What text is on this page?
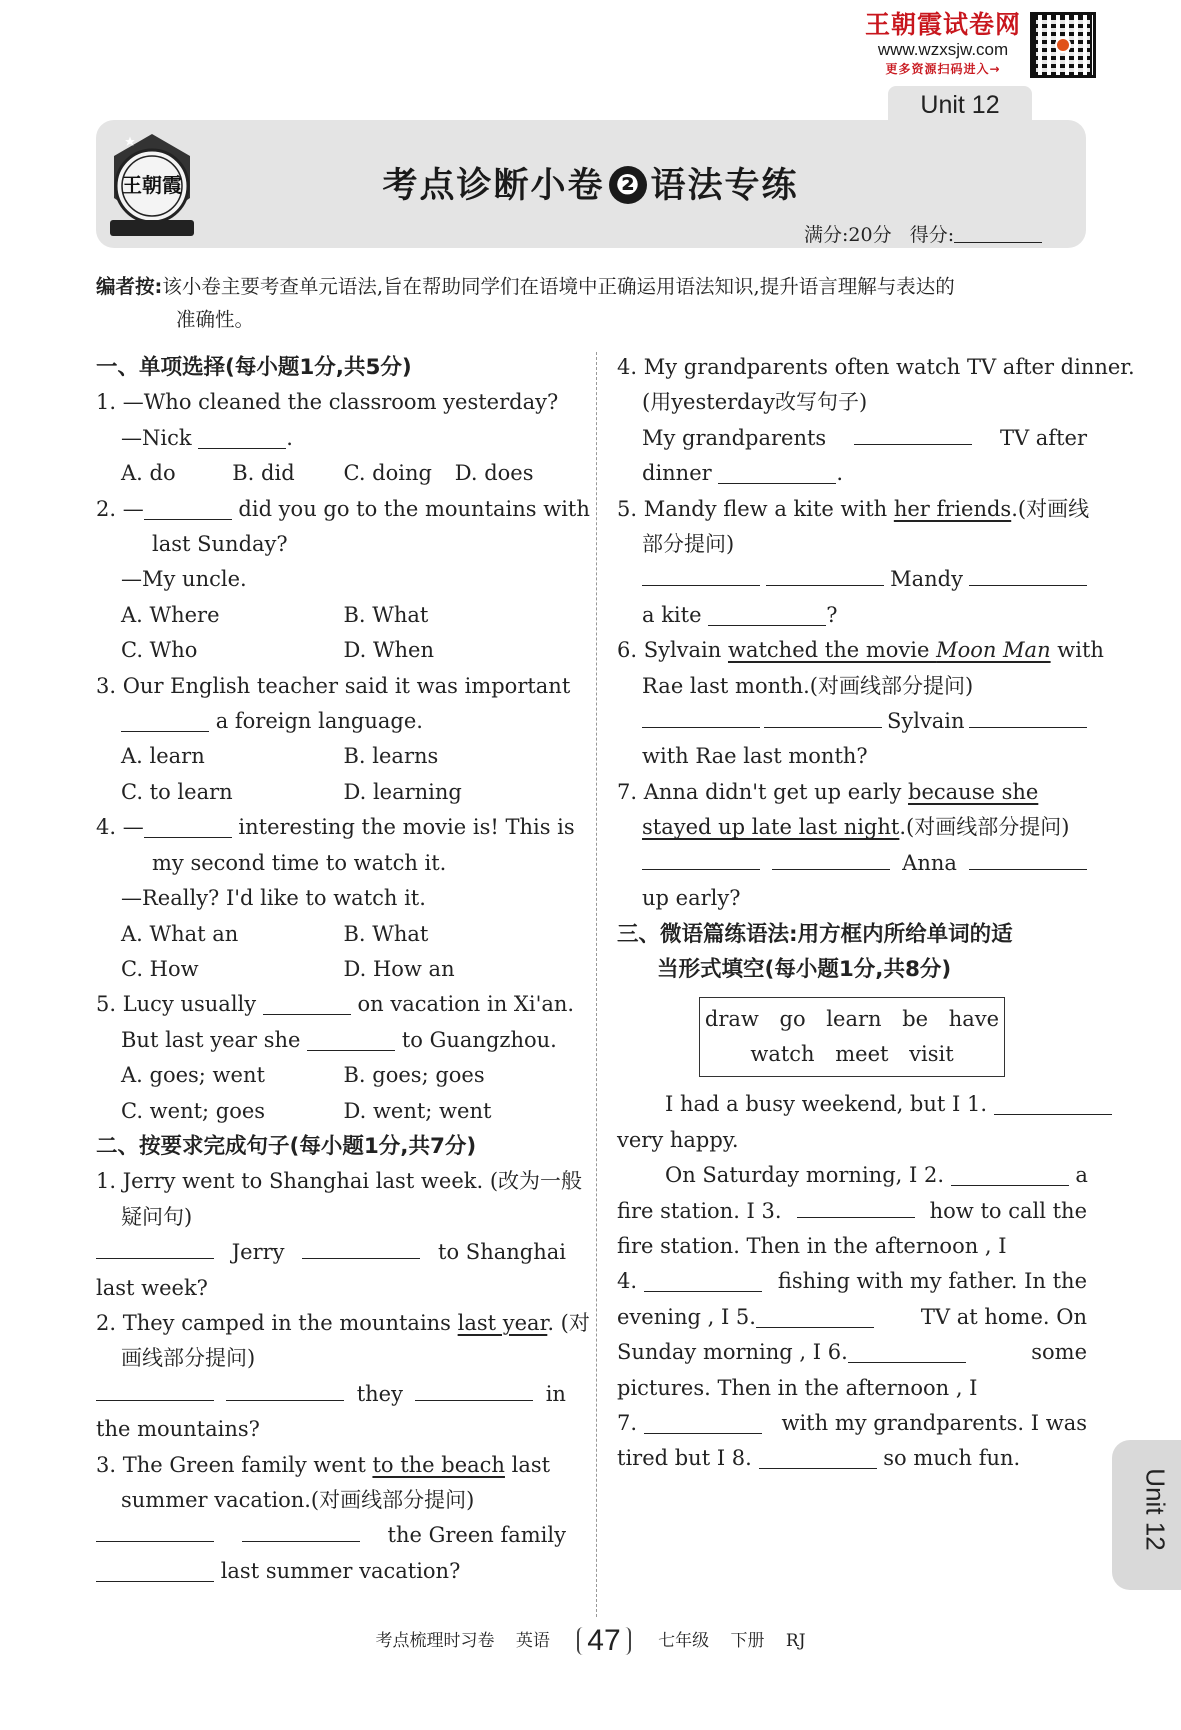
王朝霞试卷网
www.wzxsjw.com
更多资源扫码进入→
Unit 12
王朝霞	考点诊断小卷 ❷ 语法专练
满分:20分 得分:
编者按:该小卷主要考查单元语法,旨在帮助同学们在语境中正确运用语法知识,提升语言理解与表达的
准确性。
一、单项选择(每小题1分,共5分)
1. —Who cleaned the classroom yesterday?
—Nick	.
A. do	B. did	C. doing	D. does
2. —	did you go to the mountains with
last Sunday?
—My uncle.
A. Where	B. What
C. Who	D. When
3. Our English teacher said it was important
a foreign language.
A. learn	B. learns
C. to learn	D. learning
4. —	interesting the movie is! This is
my second time to watch it.
—Really? I'd like to watch it.
A. What an	B. What
C. How	D. How an
5. Lucy usually	on vacation in Xi'an.
But last year she	to Guangzhou.
A. goes; went	B. goes; goes
C. went; goes	D. went; went
二、按要求完成句子(每小题1分,共7分)
1. Jerry went to Shanghai last week. (改为一般
疑问句)
Jerry	to Shanghai
last week?
2. They camped in the mountains last year. (对
画线部分提问)
they	in
the mountains?
3. The Green family went to the beach last
summer vacation.(对画线部分提问)
the Green family
last summer vacation?
4. My grandparents often watch TV after dinner.
(用yesterday改写句子)
My grandparents	TV after
dinner	.
5. Mandy flew a kite with her friends.(对画线
部分提问)
Mandy
a kite	?
6. Sylvain watched the movie Moon Man with
Rae last month.(对画线部分提问)
Sylvain
with Rae last month?
7. Anna didn't get up early because she
stayed up late last night.(对画线部分提问)
Anna
up early?
三、微语篇练语法:用方框内所给单词的适
当形式填空(每小题1分,共8分)
draw go learn be have
watch meet visit
I had a busy weekend, but I 1.
very happy.
On Saturday morning, I 2.	a
fire station. I 3.	how to call the
fire station. Then in the afternoon , I
4.	fishing with my father. In the
evening , I 5.	TV at home. On
Sunday morning , I 6.	some
pictures. Then in the afternoon , I
7.	with my grandparents. I was
tired but I 8.	so much fun.
Unit 12
考点梳理时习卷 英语 47 七年级 下册 RJ
